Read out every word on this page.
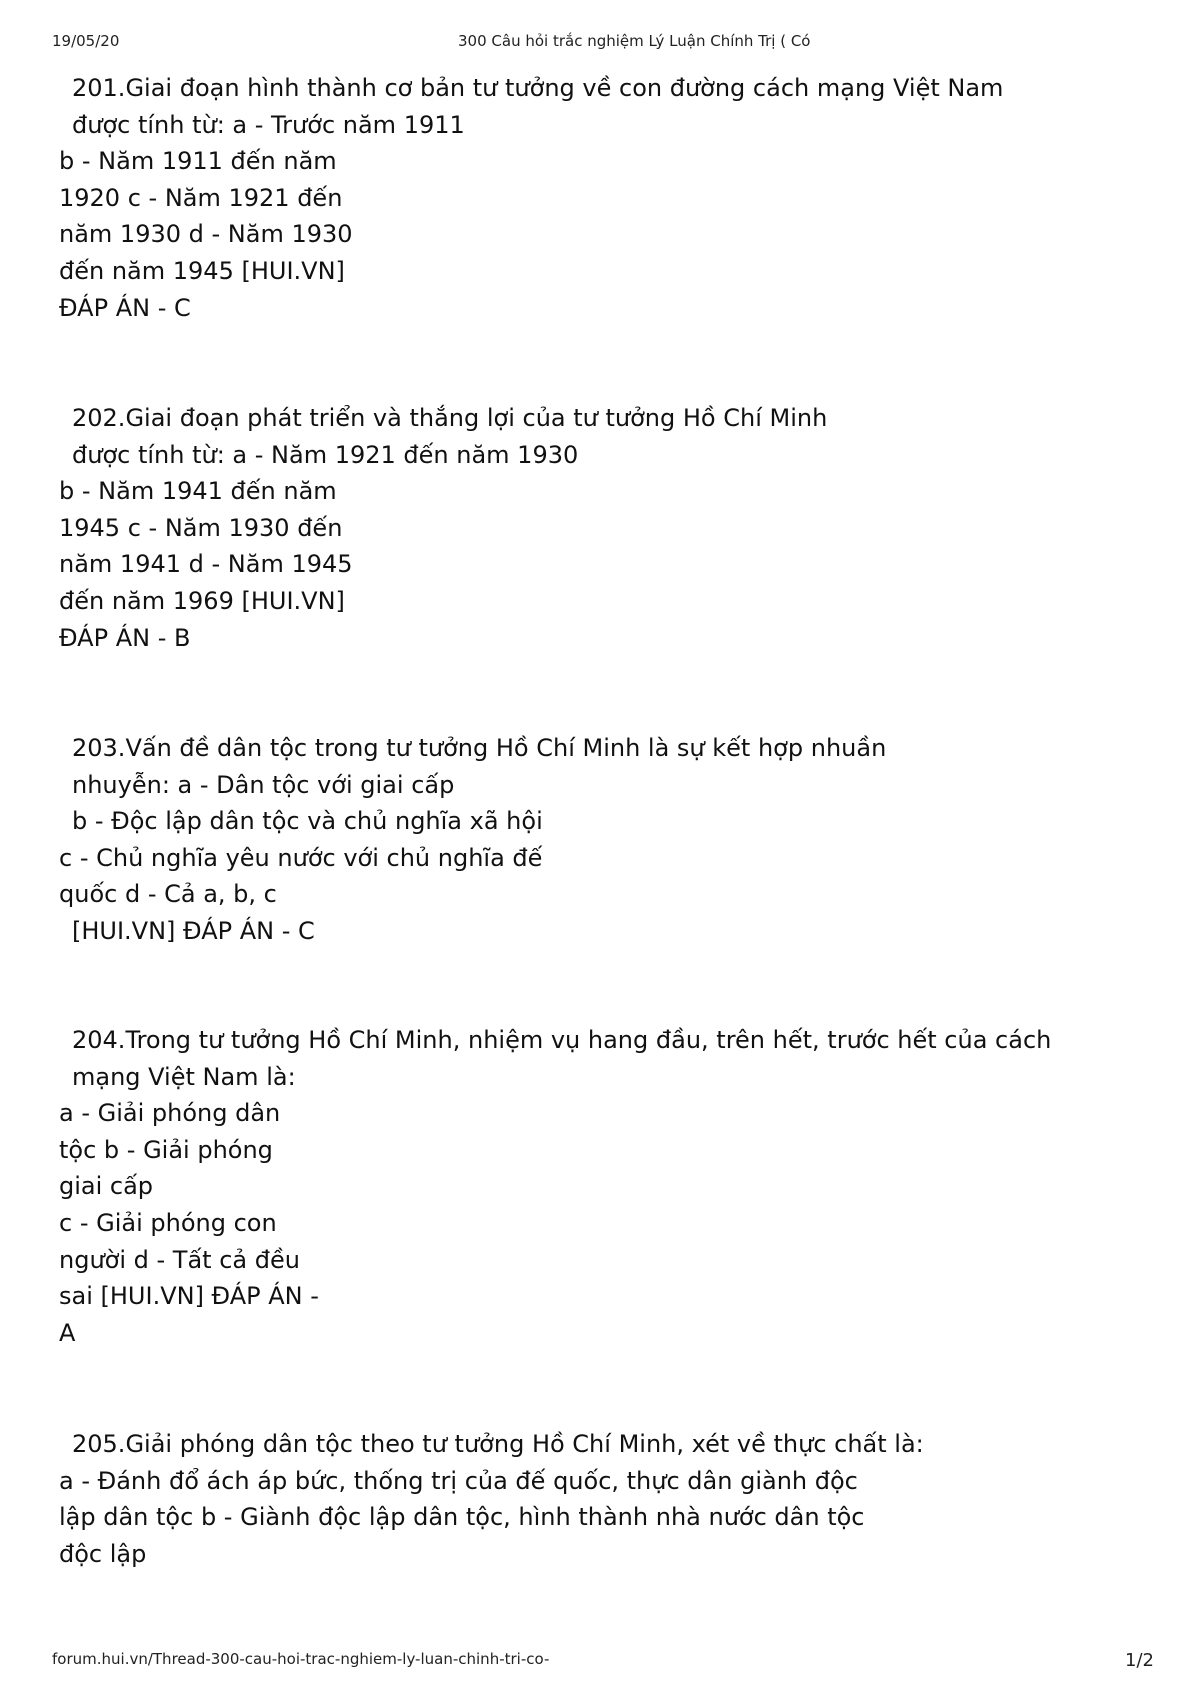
19/05/20	300 Câu hỏi trắc nghiệm Lý Luận Chính Trị ( Có
201.Giai đoạn hình thành cơ bản tư tưởng về con đường cách mạng Việt Nam
được tính từ: a - Trước năm 1911
b - Năm 1911 đến năm
1920 c - Năm 1921 đến
năm 1930 d - Năm 1930
đến năm 1945 [HUI.VN]
ĐÁP ÁN - C
202.Giai đoạn phát triển và thắng lợi của tư tưởng Hồ Chí Minh
được tính từ: a - Năm 1921 đến năm 1930
b - Năm 1941 đến năm
1945 c - Năm 1930 đến
năm 1941 d - Năm 1945
đến năm 1969 [HUI.VN]
ĐÁP ÁN - B
203.Vấn đề dân tộc trong tư tưởng Hồ Chí Minh là sự kết hợp nhuần
nhuyễn: a - Dân tộc với giai cấp
b - Độc lập dân tộc và chủ nghĩa xã hội
c - Chủ nghĩa yêu nước với chủ nghĩa đế
quốc d - Cả a, b, c
[HUI.VN] ĐÁP ÁN - C
204.Trong tư tưởng Hồ Chí Minh, nhiệm vụ hang đầu, trên hết, trước hết của cách
mạng Việt Nam là:
a - Giải phóng dân
tộc b - Giải phóng
giai cấp
c - Giải phóng con
người d - Tất cả đều
sai [HUI.VN] ĐÁP ÁN -
A
205.Giải phóng dân tộc theo tư tưởng Hồ Chí Minh, xét về thực chất là:
a - Đánh đổ ách áp bức, thống trị của đế quốc, thực dân giành độc
lập dân tộc b - Giành độc lập dân tộc, hình thành nhà nước dân tộc
độc lập
forum.hui.vn/Thread-300-cau-hoi-trac-nghiem-ly-luan-chinh-tri-co-	1/2
